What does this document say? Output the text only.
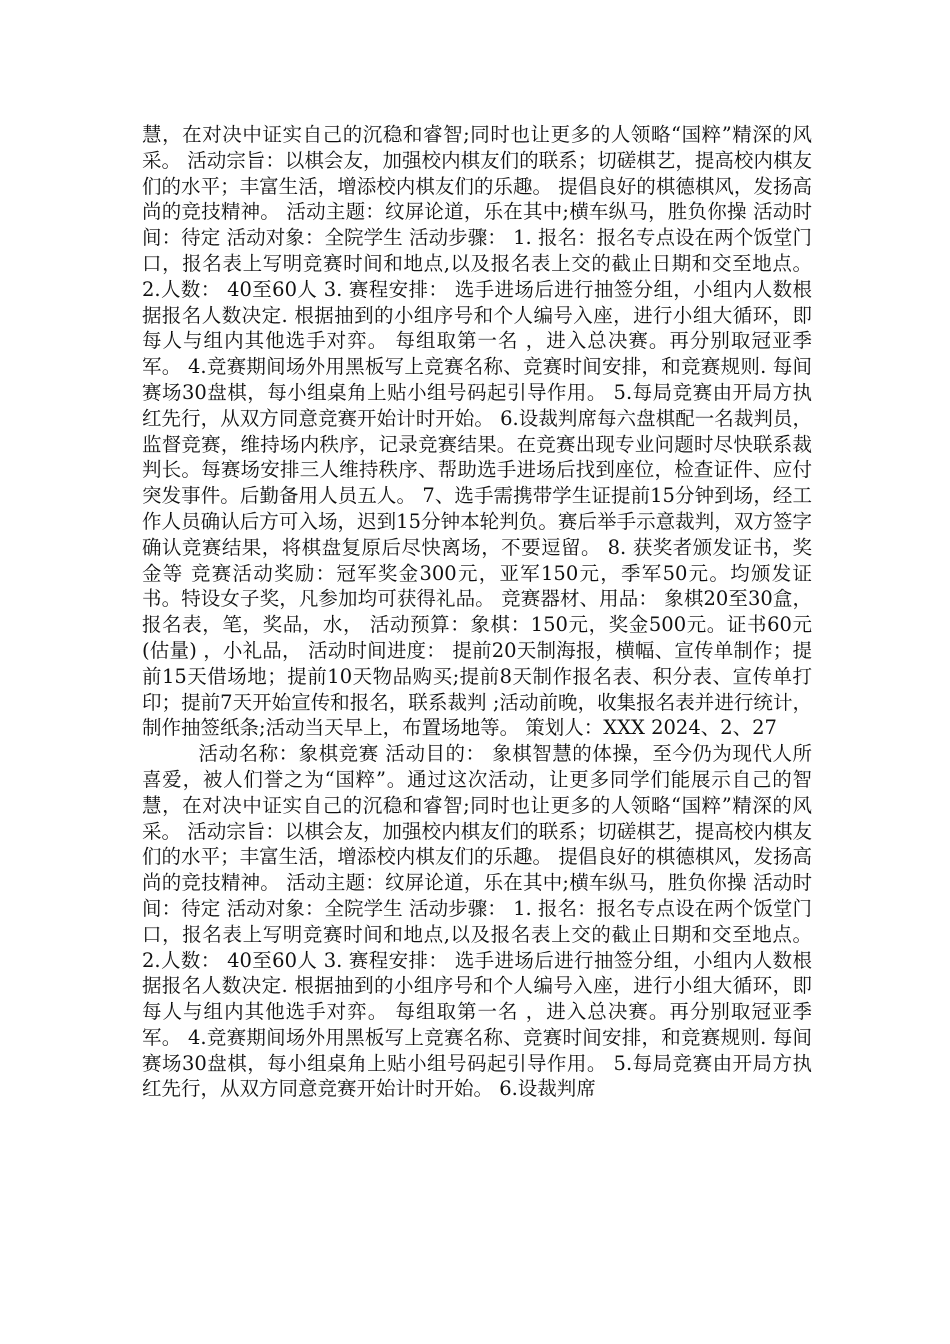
慧，在对决中证实自己的沉稳和睿智;同时也让更多的人领略“国粹”精深的风采。 活动宗旨：以棋会友，加强校内棋友们的联系；切磋棋艺，提高校内棋友们的水平；丰富生活，增添校内棋友们的乐趣。 提倡良好的棋德棋风，发扬高尚的竞技精神。 活动主题：纹屏论道，乐在其中;横车纵马，胜负你操 活动时间：待定 活动对象：全院学生 活动步骤： 1. 报名：报名专点设在两个饭堂门口，报名表上写明竞赛时间和地点,以及报名表上交的截止日期和交至地点。 2.人数： 40至60人 3. 赛程安排： 选手进场后进行抽签分组，小组内人数根据报名人数决定. 根据抽到的小组序号和个人编号入座，进行小组大循环，即每人与组内其他选手对弈。 每组取第一名 ，进入总决赛。再分别取冠亚季军。 4.竞赛期间场外用黑板写上竞赛名称、竞赛时间安排，和竞赛规则. 每间赛场30盘棋，每小组桌角上贴小组号码起引导作用。 5.每局竞赛由开局方执红先行，从双方同意竞赛开始计时开始。 6.设裁判席每六盘棋配一名裁判员，监督竞赛，维持场内秩序，记录竞赛结果。在竞赛出现专业问题时尽快联系裁判长。每赛场安排三人维持秩序、帮助选手进场后找到座位，检查证件、应付突发事件。后勤备用人员五人。 7、选手需携带学生证提前15分钟到场，经工作人员确认后方可入场，迟到15分钟本轮判负。赛后举手示意裁判，双方签字确认竞赛结果，将棋盘复原后尽快离场，不要逗留。 8. 获奖者颁发证书，奖金等 竞赛活动奖励：冠军奖金300元，亚军150元，季军50元。均颁发证书。特设女子奖，凡参加均可获得礼品。 竞赛器材、用品： 象棋20至30盒，报名表，笔，奖品，水， 活动预算：象棋：150元，奖金500元。证书60元(估量) ，小礼品， 活动时间进度： 提前20天制海报，横幅、宣传单制作；提前15天借场地；提前10天物品购买;提前8天制作报名表、积分表、宣传单打印；提前7天开始宣传和报名，联系裁判 ;活动前晚，收集报名表并进行统计，制作抽签纸条;活动当天早上，布置场地等。 策划人：XXX 2024、2、27

活动名称：象棋竞赛 活动目的： 象棋智慧的体操，至今仍为现代人所喜爱，被人们誉之为“国粹”。通过这次活动，让更多同学们能展示自己的智慧，在对决中证实自己的沉稳和睿智;同时也让更多的人领略“国粹”精深的风采。 活动宗旨：以棋会友，加强校内棋友们的联系；切磋棋艺，提高校内棋友们的水平；丰富生活，增添校内棋友们的乐趣。 提倡良好的棋德棋风，发扬高尚的竞技精神。 活动主题：纹屏论道，乐在其中;横车纵马，胜负你操 活动时间：待定 活动对象：全院学生 活动步骤： 1. 报名：报名专点设在两个饭堂门口，报名表上写明竞赛时间和地点,以及报名表上交的截止日期和交至地点。 2.人数： 40至60人 3. 赛程安排： 选手进场后进行抽签分组，小组内人数根据报名人数决定. 根据抽到的小组序号和个人编号入座，进行小组大循环，即每人与组内其他选手对弈。 每组取第一名 ，进入总决赛。再分别取冠亚季军。 4.竞赛期间场外用黑板写上竞赛名称、竞赛时间安排，和竞赛规则. 每间赛场30盘棋，每小组桌角上贴小组号码起引导作用。 5.每局竞赛由开局方执红先行，从双方同意竞赛开始计时开始。 6.设裁判席
